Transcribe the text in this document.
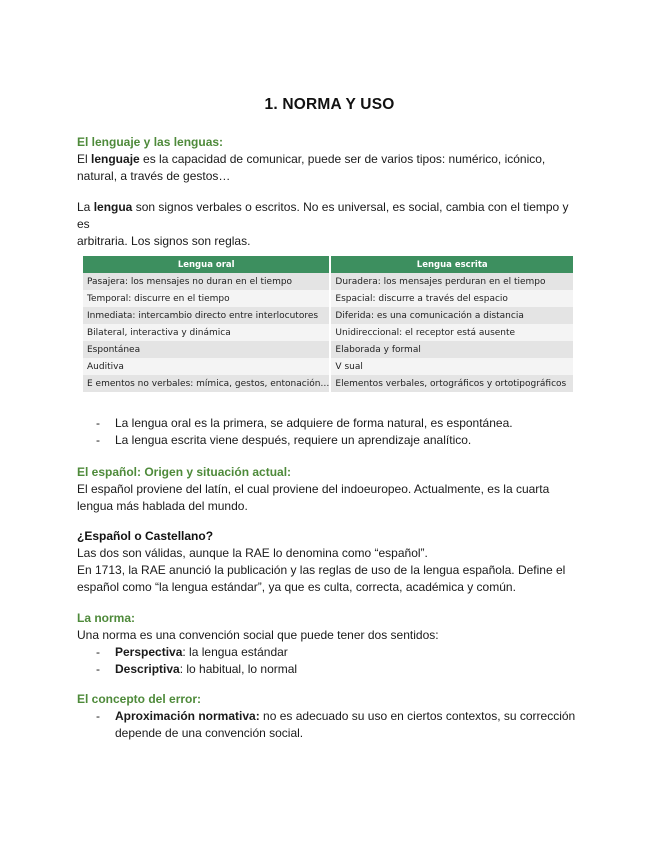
1. NORMA Y USO

El lenguaje y las lenguas:

El lenguaje es la capacidad de comunicar, puede ser de varios tipos: numérico, icónico,
natural, a través de gestos…

La lengua son signos verbales o escritos. No es universal, es social, cambia con el tiempo y es
arbitraria. Los signos son reglas.

Lengua oral	Lengua escrita
Pasajera: los mensajes no duran en el tiempo	Duradera: los mensajes perduran en el tiempo
Temporal: discurre en el tiempo	Espacial: discurre a través del espacio
Inmediata: intercambio directo entre interlocutores	Diferida: es una comunicación a distancia
Bilateral, interactiva y dinámica	Unidireccional: el receptor está ausente
Espontánea	Elaborada y formal
Auditiva	V sual
E ementos no verbales: mímica, gestos, entonación…	Elementos verbales, ortográficos y ortotipográficos
- La lengua oral es la primera, se adquiere de forma natural, es espontánea.
- La lengua escrita viene después, requiere un aprendizaje analítico.

El español: Origen y situación actual:

El español proviene del latín, el cual proviene del indoeuropeo. Actualmente, es la cuarta
lengua más hablada del mundo.

¿Español o Castellano?

Las dos son válidas, aunque la RAE lo denomina como “español”.
En 1713, la RAE anunció la publicación y las reglas de uso de la lengua española. Define el
español como “la lengua estándar”, ya que es culta, correcta, académica y común.

La norma:

Una norma es una convención social que puede tener dos sentidos:

- Perspectiva: la lengua estándar
- Descriptiva: lo habitual, lo normal

El concepto del error:

- Aproximación normativa: no es adecuado su uso en ciertos contextos, su corrección
depende de una convención social.
